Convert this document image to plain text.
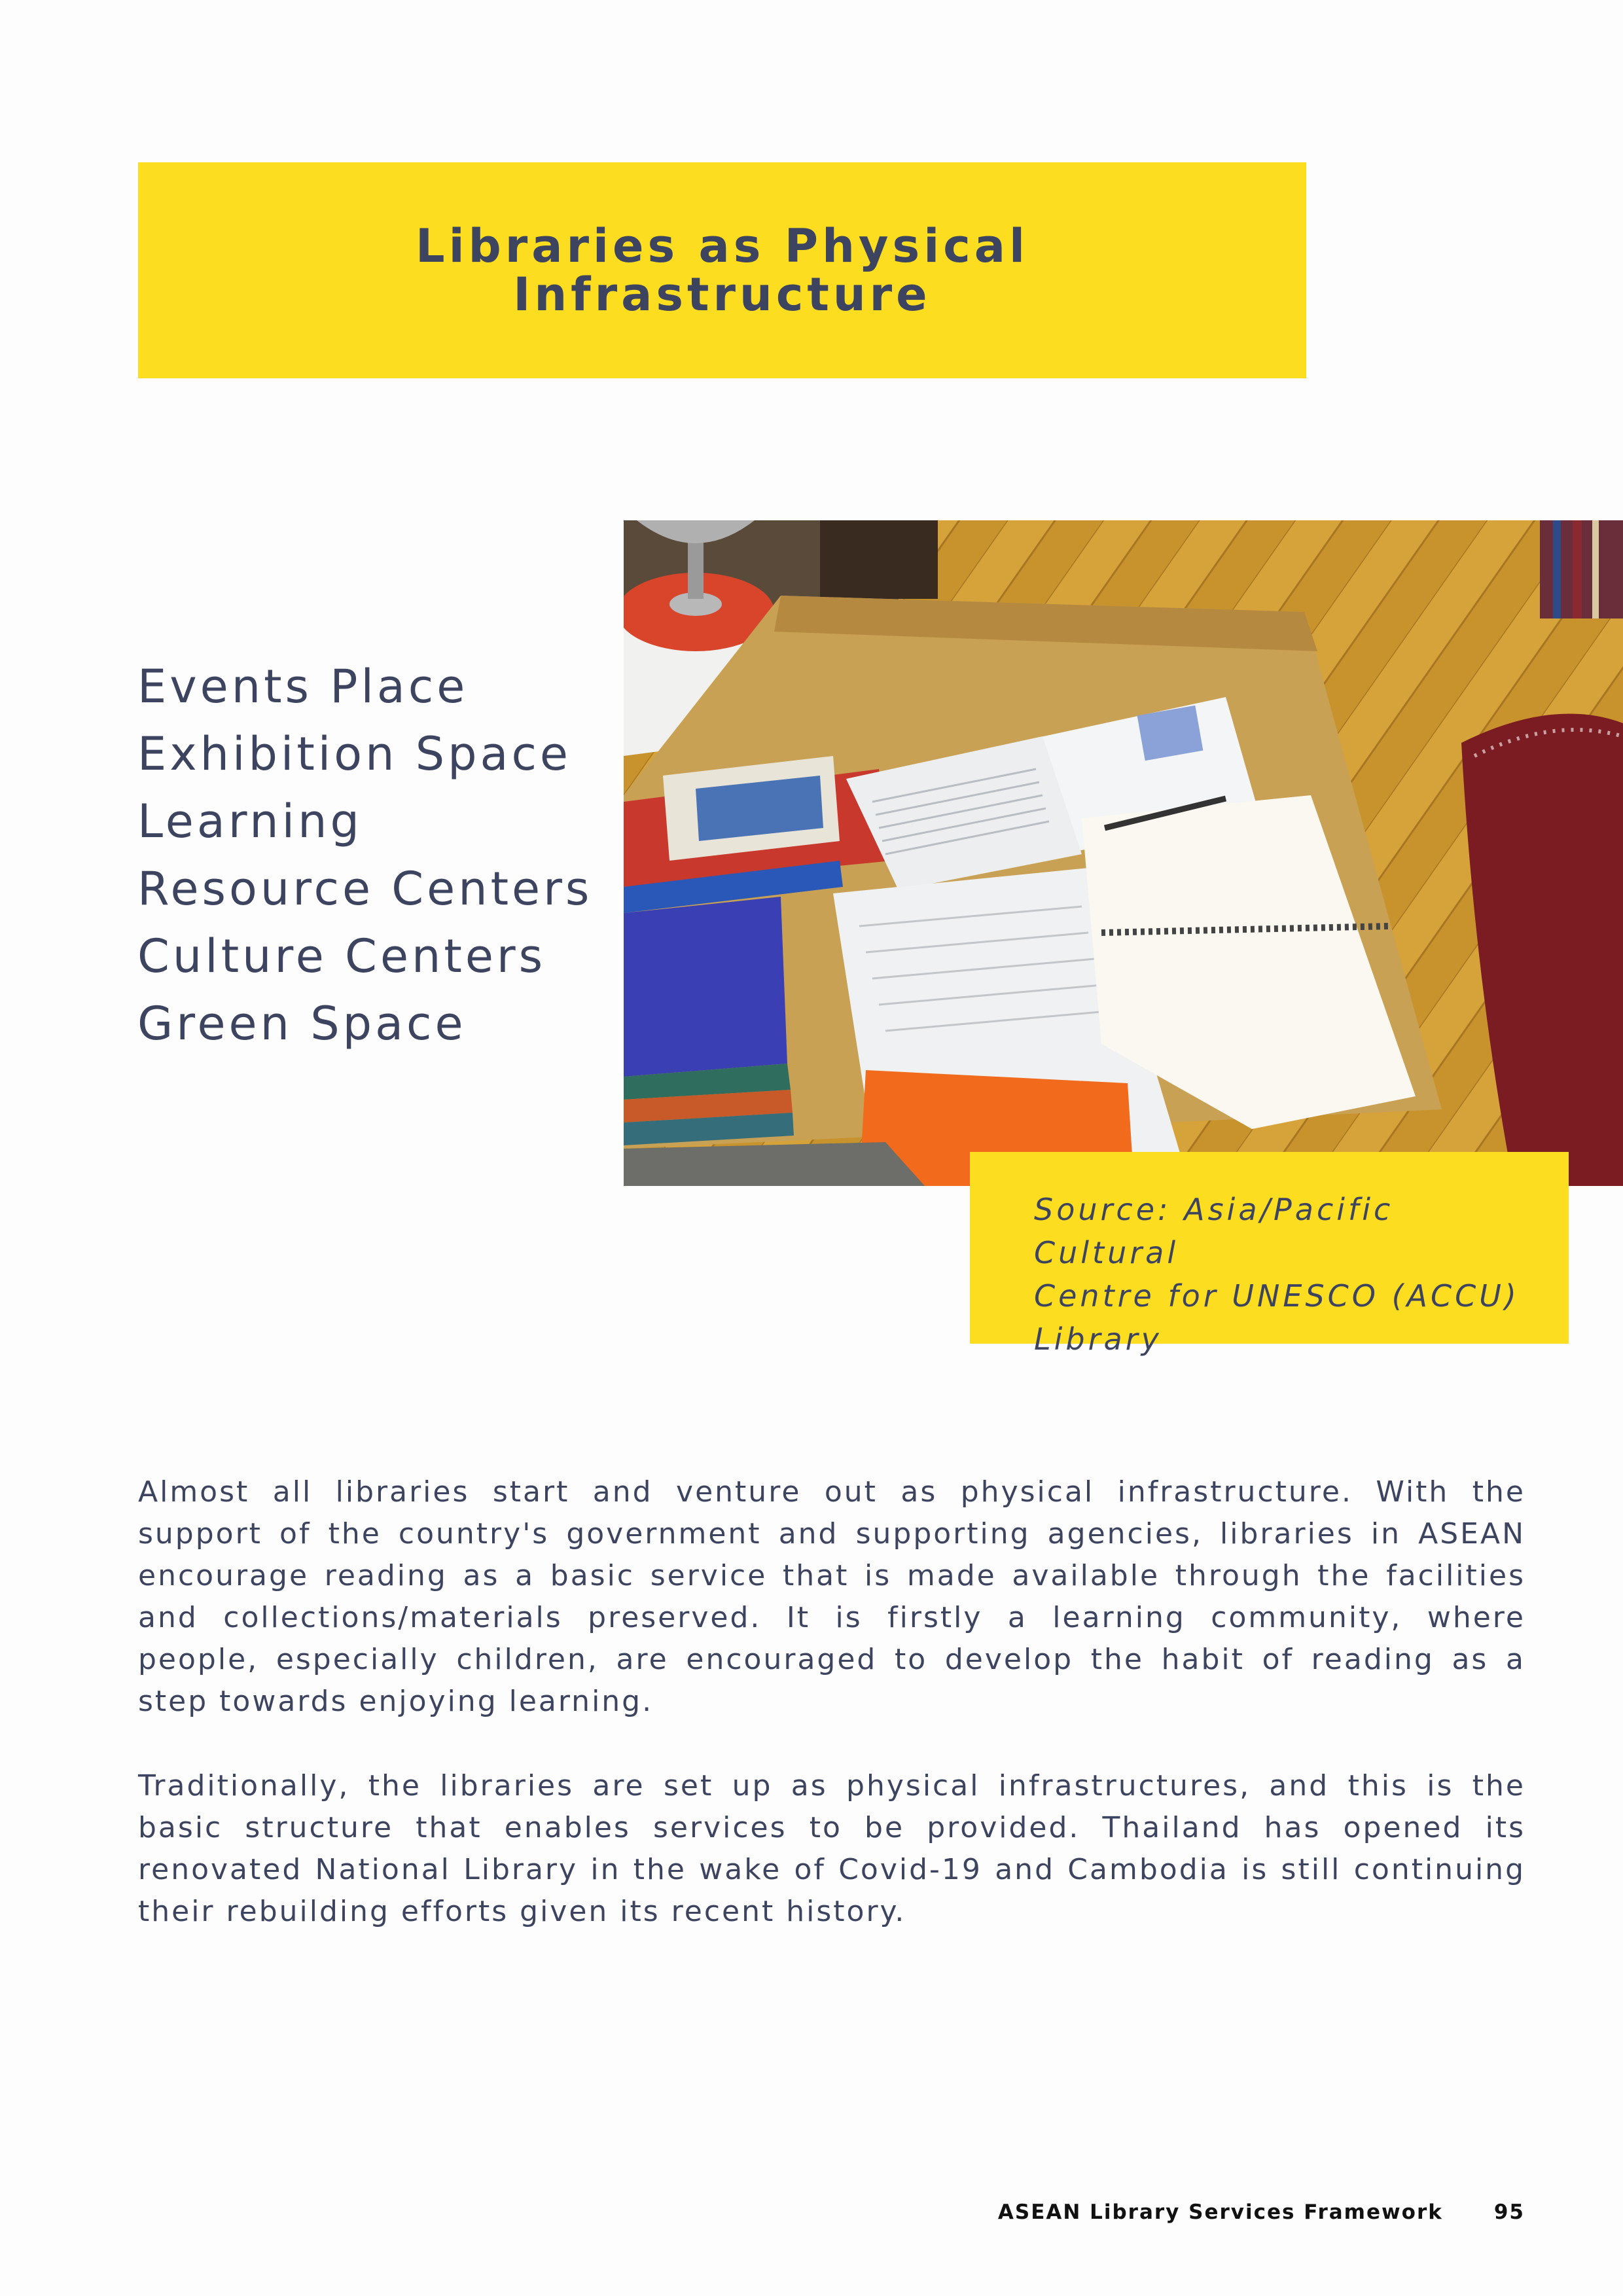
Libraries as Physical
Infrastructure
Events Place
Exhibition Space
Learning
Resource Centers
Culture Centers
Green Space

Source: Asia/Pacific Cultural
Centre for UNESCO (ACCU)
Library

Almost all libraries start and venture out as physical infrastructure. With the support of the country's government and supporting agencies, libraries in ASEAN encourage reading as a basic service that is made available through the facilities and collections/materials preserved. It is firstly a learning community, where people, especially children, are encouraged to develop the habit of reading as a step towards enjoying learning.

Traditionally, the libraries are set up as physical infrastructures, and this is the basic structure that enables services to be provided. Thailand has opened its renovated National Library in the wake of Covid-19 and Cambodia is still continuing their rebuilding efforts given its recent history.

ASEAN Library Services Framework	95
